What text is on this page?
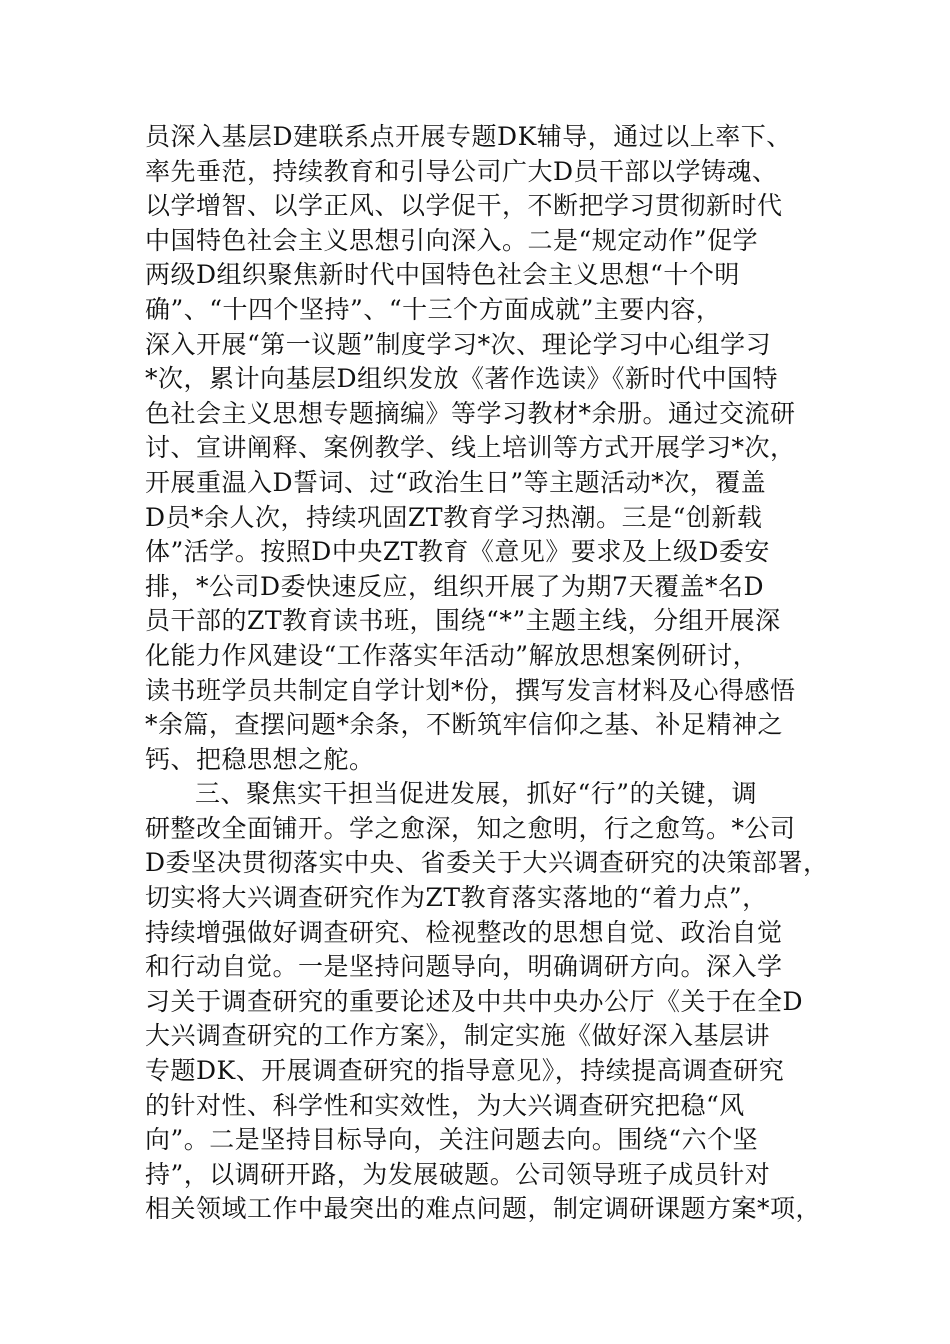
员深入基层D建联系点开展专题DK辅导，通过以上率下、
率先垂范，持续教育和引导公司广大D员干部以学铸魂、
以学增智、以学正风、以学促干，不断把学习贯彻新时代
中国特色社会主义思想引向深入。二是“规定动作”促学
两级D组织聚焦新时代中国特色社会主义思想“十个明
确”、“十四个坚持”、“十三个方面成就”主要内容，
深入开展“第一议题”制度学习*次、理论学习中心组学习
*次，累计向基层D组织发放《著作选读》《新时代中国特
色社会主义思想专题摘编》等学习教材*余册。通过交流研
讨、宣讲阐释、案例教学、线上培训等方式开展学习*次，
开展重温入D誓词、过“政治生日”等主题活动*次，覆盖
D员*余人次，持续巩固ZT教育学习热潮。三是“创新载
体”活学。按照D中央ZT教育《意见》要求及上级D委安
排，*公司D委快速反应，组织开展了为期7天覆盖*名D
员干部的ZT教育读书班，围绕“*”主题主线，分组开展深
化能力作风建设“工作落实年活动”解放思想案例研讨，
读书班学员共制定自学计划*份，撰写发言材料及心得感悟
*余篇，查摆问题*余条，不断筑牢信仰之基、补足精神之
钙、把稳思想之舵。
三、聚焦实干担当促进发展，抓好“行”的关键，调
研整改全面铺开。学之愈深，知之愈明，行之愈笃。*公司
D委坚决贯彻落实中央、省委关于大兴调查研究的决策部署，
切实将大兴调查研究作为ZT教育落实落地的“着力点”，
持续增强做好调查研究、检视整改的思想自觉、政治自觉
和行动自觉。一是坚持问题导向，明确调研方向。深入学
习关于调查研究的重要论述及中共中央办公厅《关于在全D
大兴调查研究的工作方案》，制定实施《做好深入基层讲
专题DK、开展调查研究的指导意见》，持续提高调查研究
的针对性、科学性和实效性，为大兴调查研究把稳“风
向”。二是坚持目标导向，关注问题去向。围绕“六个坚
持”，以调研开路，为发展破题。公司领导班子成员针对
相关领域工作中最突出的难点问题，制定调研课题方案*项，
